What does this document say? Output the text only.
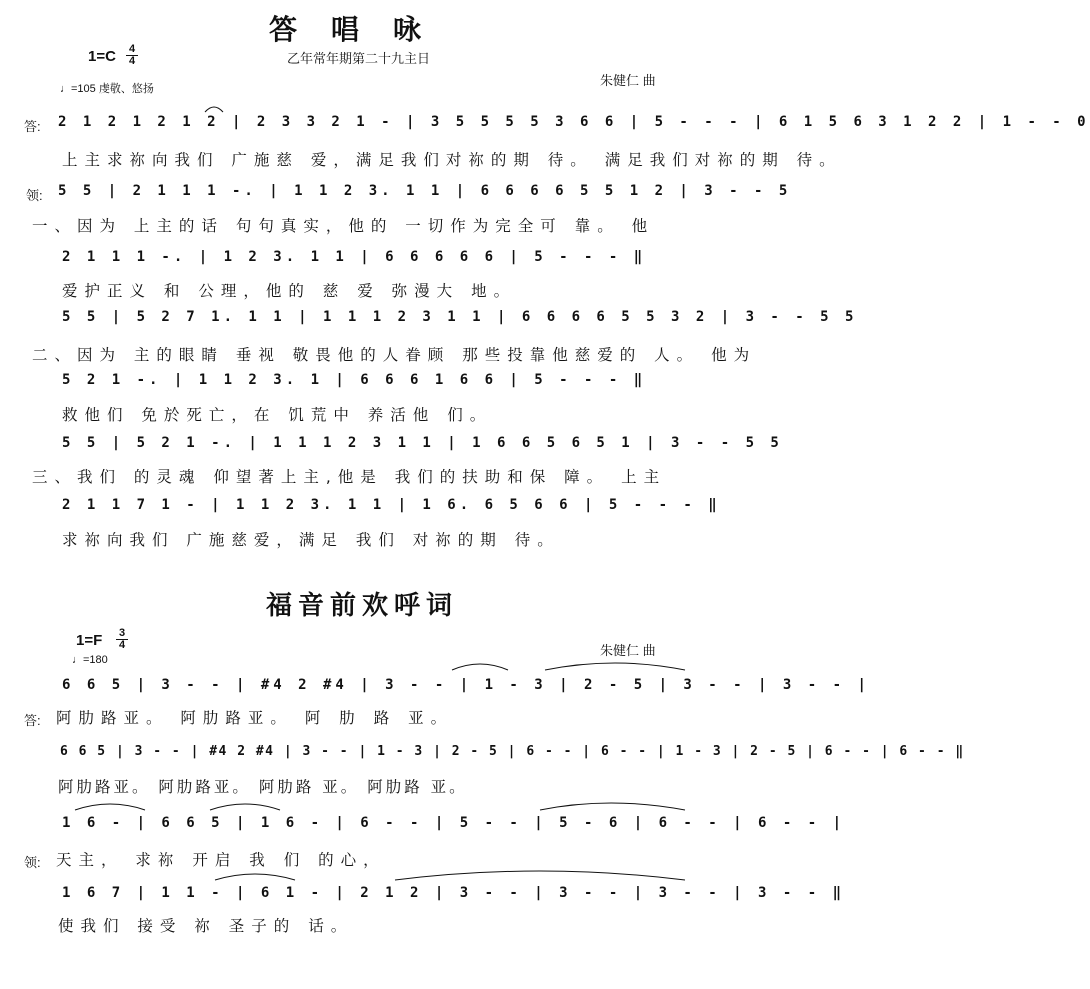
答唱咏
乙年常年期第二十九主日
$1=C \frac{4}{4}$
♩=105 虔敬、悠扬
朱健仁 曲
答: 2 1 2 1 2 1 2 | 2 3 3 2 1 - | 3 5 5 5 5 3 6 6 | 5 - - - | 6 1 5 6 3 1 2 2 | 1 - - 0
上主求祢向我们 广施慈 爱，满足我们对祢的期 待。 满足我们对祢的期 待。
领: 5 5 | 2 1 1 1 -. | 1 1 2 3. 1 1 | 6 6 6 6 5 5 1 2 | 3 - - 5
一、因为 上主的话 句句真实，他的 一切作为完全可 靠。 他
2 1 1 1 -. | 1 2 3. 1 1 | 6 6 6 6 6 | 5 - - - ‖
爱护正义 和 公理，他的 慈 爱 弥漫大 地。
5 5 | 5 2 7 1. 1 1 | 1 1 1 2 3 1 1 | 6 6 6 6 5 5 3 2 | 3 - - 5 5
二、因为 主的眼睛 垂视 敬畏他的人眷顾 那些投靠他慈爱的 人。 他为
5 2 1 -. | 1 1 2 3. 1 | 6 6 6 1 6 6 | 5 - - - ‖
救他们 免於死亡，在 饥荒中 养活他 们。
5 5 | 5 2 1 -. | 1 1 1 2 3 1 1 | 1 6 6 5 6 5 1 | 3 - - 5 5
三、我们 的灵魂 仰望著上主,他是 我们的扶助和保 障。 上主
2 1 1 7 1 - | 1 1 2 3. 1 1 | 1 6. 6 5 6 6 | 5 - - - ‖
求祢向我们 广施慈爱，满足 我们 对祢的期 待。
福音前欢呼词
$1=F \frac{3}{4}$
♩=180
朱健仁 曲
6 6 5 | 3 - - | #4 2 #4 | 3 - - | 1 - 3 | 2 - 5 | 3 - - | 3 - - |
答: 阿肋路亚。 阿肋路亚。 阿 肋 路 亚。
6 6 5 | 3 - - | #4 2 #4 | 3 - - | 1 - 3 | 2 - 5 | 6 - - | 6 - - | 1 - 3 | 2 - 5 | 6 - - | 6 - - ‖
阿肋路亚。 阿肋路亚。 阿肋路 亚。 阿肋路 亚。
1 6 - | 6 6 5 | 1 6 - | 6 - - | 5 - - | 5 - 6 | 6 - - | 6 - - |
领: 天主， 求祢 开启 我 们 的心，
1 6 7 | 1 1 - | 6 1 - | 2 1 2 | 3 - - | 3 - - | 3 - - | 3 - - ‖
使我们 接受 祢 圣子的 话。
